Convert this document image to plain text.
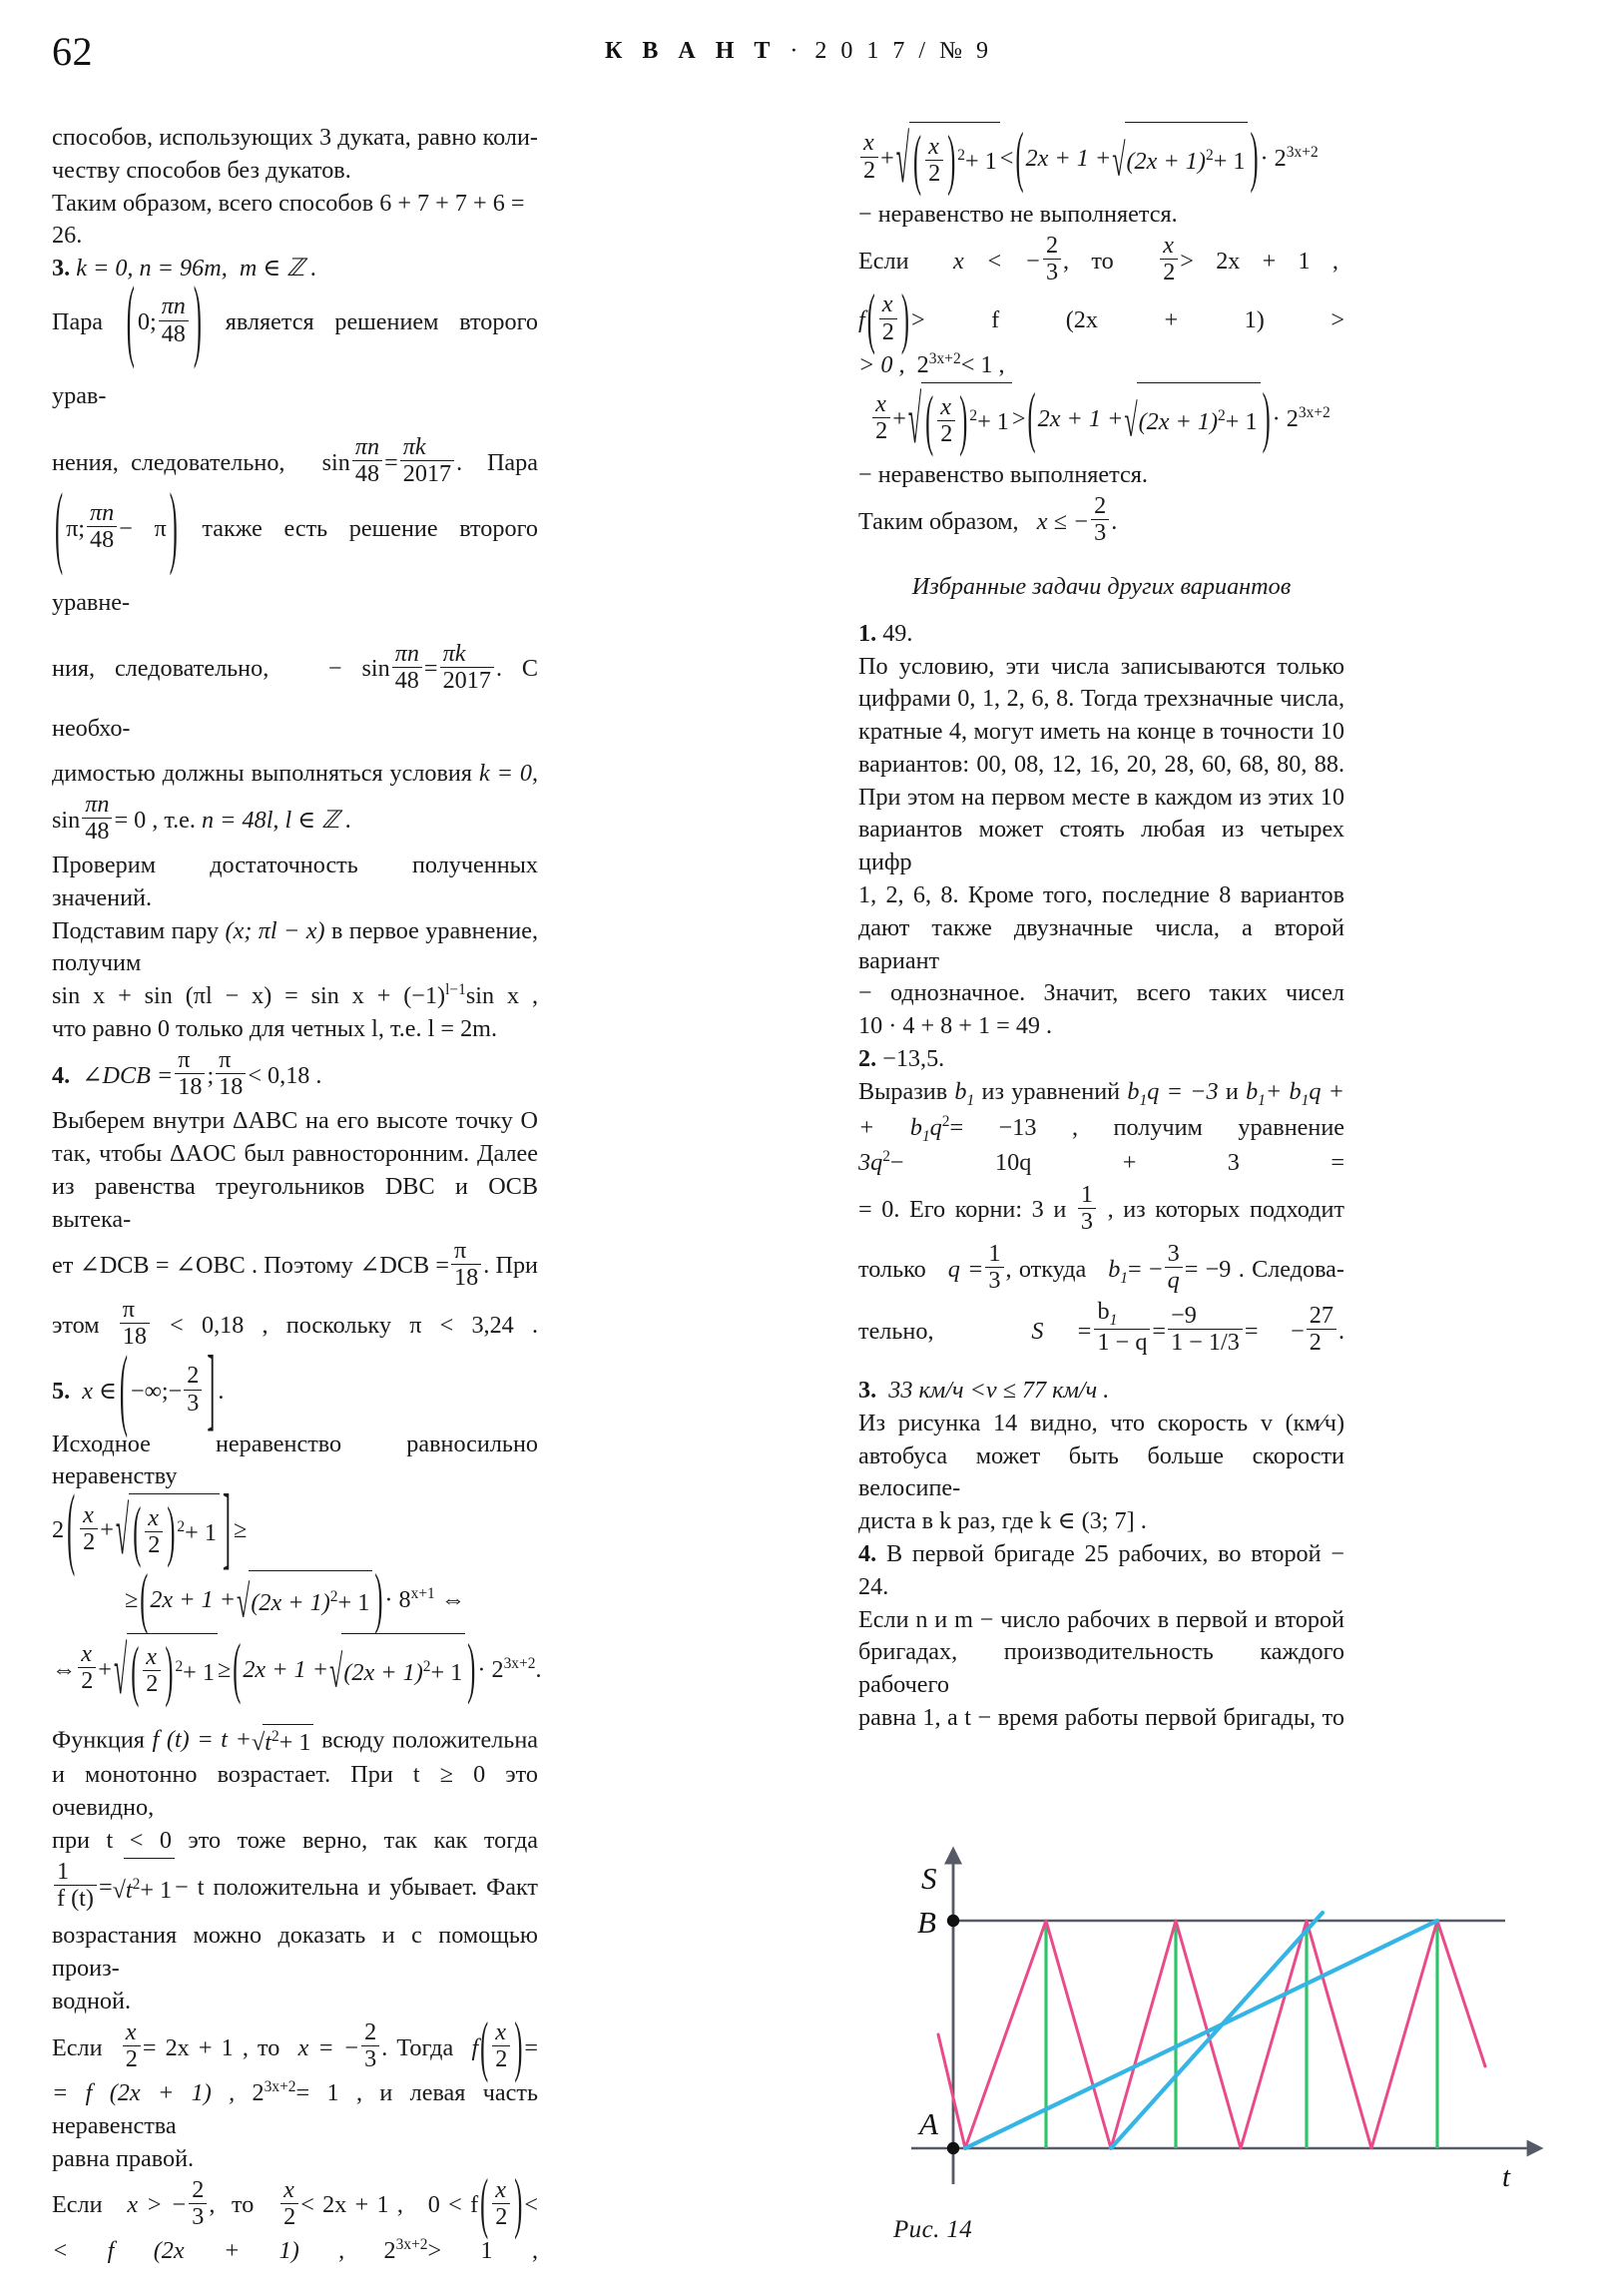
62	К В А Н Т · 2 0 1 7 / № 9

способов, использующих 3 дуката, равно коли-

чествy способов без дукатов.

Таким образом, всего способов 6 + 7 + 7 + 6 = 26.

3. k = 0, n = 96m, m ∈ ℤ .

Пара ( 0; $\frac{\pi n}{48}$ ) является решением второго урав-

нения, следовательно, $\sin \frac{\pi n}{48} = \frac{\pi k}{2017}$ .  Пара

( π; $\frac{\pi n}{48} - \pi$ ) также есть решение второго уравне-

ния, следовательно, − $\sin \frac{\pi n}{48} = \frac{\pi k}{2017}$ . С необхо-

димостью должны выполняться условия k = 0,

$\sin \frac{\pi n}{48} = 0$ , т.е. n = 48l, l ∈ ℤ .

Проверим достаточность полученных значений.

Подставим пару (x; πl − x) в первое уравнение,

получим   $\sin x + \sin (\pi l - x) = \sin x + (-1)^{l-1}\sin$ x ,

что равно 0 только для четных l, т.е. l = 2m.

4. ∠DCB = $\frac{\pi}{18}$ ; $\frac{\pi}{18} < 0,18$ .

Выберем внутри ΔABC на его высоте точку O

так, чтобы ΔAOC был равносторонним. Далее

из равенства треугольников DBC и OCB вытека-

ет ∠DCB = ∠OBC . Поэтому ∠DCB = $\frac{\pi}{18}$ . При

этом $\frac{\pi}{18} < 0,18$ , поскольку π < 3,24 .

5. x ∈ ( −∞;− $\frac{2}{3}$ ] .

Исходное неравенство равносильно неравенству

2 ( $\frac{x}{2}$ +√ ( $\frac{x}{2}$ ) $^2$+ 1 ] ≥

$\ge(2x + 1 +√(2x + 1)^2+ 1$ )· $8^{x+1}$ ⇔

⇔ $\frac{x}{2}$ +√ ( $\frac{x}{2}$ ) $^2+ 1 \ge(2x + 1 +√(2x + 1)^2+ 1$ )· $2^{3x+2}$.

Функция f $(t) = t +√t^2+ 1$ всюду положительна

и монотонно возрастает. При t ≥ 0 это очевидно,

при t < 0 это тоже верно, так как тогда

$\frac{1}{f (t)} =√t^2+ 1 - t$ положительна и убывает. Факт

возрастания можно доказать и с помощью произ-

водной.

Если $\frac{x}{2} = 2x + 1$ , то x = − $\frac{2}{3}$ . Тогда $f( \frac{x}{2}$ )=

= f (2x + 1) , $2^{3x+2}= 1$ , и левая часть неравенства

равна правой.

Если x > − $\frac{2}{3}$ , то $\frac{x}{2} < 2x + 1$ , $0 < f( \frac{x}{2}$ )<

< f (2x + 1) , $2^{3x+2}> 1$ ,

$\frac{x}{2}$ +√ ( $\frac{x}{2}$ ) $^2+ 1 <(2x + 1 +√(2x + 1)^2+ 1$ )· $2^{3x+2}$

− неравенство не выполняется.

Если x < − $\frac{2}{3}$ , то $\frac{x}{2} > 2x + 1$ ,  $f( \frac{x}{2}$ )> f (2x + 1) >

> 0 , $2^{3x+2}< 1$ ,

$\frac{x}{2}$ +√ ( $\frac{x}{2}$ ) $^2+ 1 >(2x + 1 +√(2x + 1)^2+ 1$ )· $2^{3x+2}$

− неравенство выполняется.

Таким образом, x ≤ − $\frac{2}{3}$ .

Избранные задачи других вариантов

1. 49.

По условию, эти числа записываются только

цифрами 0, 1, 2, 6, 8. Тогда трехзначные числа,

кратные 4, могут иметь на конце в точности 10

вариантов: 00, 08, 12, 16, 20, 28, 60, 68, 80, 88.

При этом на первом месте в каждом из этих 10

вариантов может стоять любая из четырех цифр

1, 2, 6, 8. Кроме того, последние 8 вариантов

дают также двузначные числа, а второй вариант

− однозначное. Значит, всего таких чисел

10 · 4 + 8 + 1 = 49 .

2. −13,5.

Выразив $b_1$ из уравнений $b_1q = -3$ и $b_1+ b_1q$ +

+ $b_1q^2= -13$ , получим уравнение $3q^2- 10q + 3$ =

= 0. Его корни: 3 и $\frac{1}{3}$ , из которых подходит

только $q = \frac{1}{3}$ , откуда $b_1= - \frac{3}{q} = -9$ . Следова-

тельно,	$S = \frac{b_1}{1 - q} = \frac{-9}{1 - 1/3}$ = − $\frac{27}{2}$ .

3. 33 км/ч <v ≤ 77 км/ч .

Из рисунка 14 видно, что скорость v (км∕ч)

автобуса может быть больше скорости велосипе-

диста в k раз, где k ∈ (3; 7] .

4. В первой бригаде 25 рабочих, во второй − 24.

Если n и m − число рабочих в первой и второй

бригадах, производительность каждого рабочего

равна 1, а t − время работы первой бригады, то

S
t
B
A
Рис. 14
